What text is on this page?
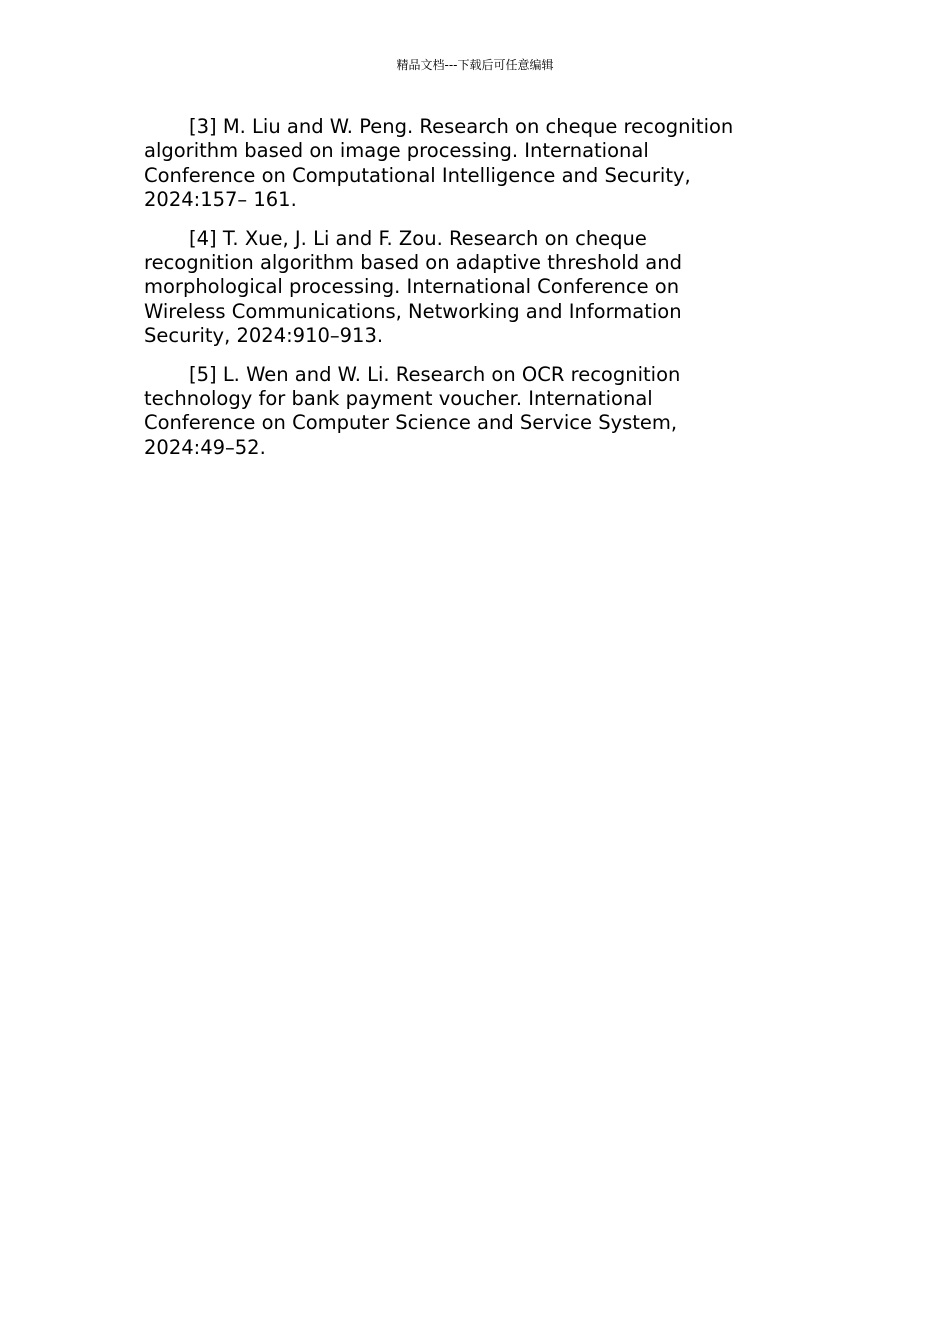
精品文档---下载后可任意编辑

[3] M. Liu and W. Peng. Research on cheque recognition
algorithm based on image processing. International
Conference on Computational Intelligence and Security,
2024:157– 161.

[4] T. Xue, J. Li and F. Zou. Research on cheque
recognition algorithm based on adaptive threshold and
morphological processing. International Conference on
Wireless Communications, Networking and Information
Security, 2024:910–913.

[5] L. Wen and W. Li. Research on OCR recognition
technology for bank payment voucher. International
Conference on Computer Science and Service System,
2024:49–52.
